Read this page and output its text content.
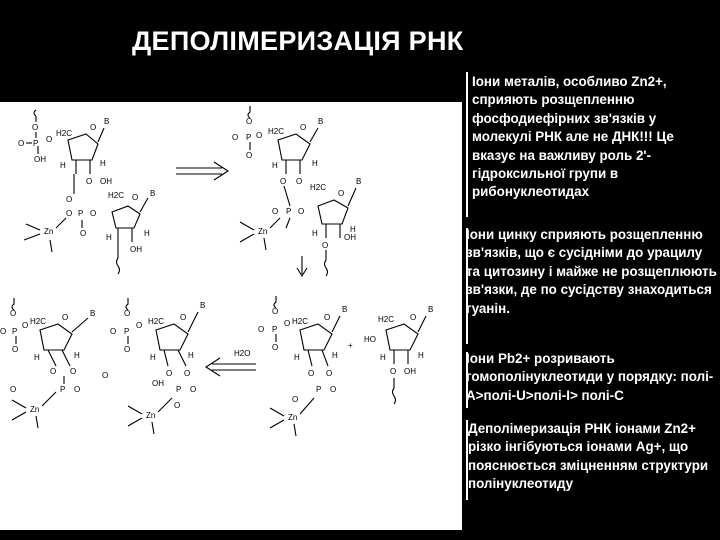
ДЕПОЛІМЕРИЗАЦІЯ РНК
O
P
O	O
OH
H2C
O
B
H	H
O OH
O
O P O
O
H2C O B
H	H
OH
Zn
O
P
O O
O
H2C O
B
H	H
O
O
P
O O
H2C
O
B
H	H
OH
O
Zn
O
P
O
O
O
H2C O	B
H	H
O O
P O
O
Zn
O
O
P
O
O
O
H2C O
B
H	H
O O
P O
O
OH
Zn
H2O
O
P
O
O
O
H2C O
B
H	H
O O
P O
O
Zn
+
HO
H2C O
B
H	H
OH
O
Іони металів, особливо Zn2+, сприяють розщепленню фосфодиефірних зв'язків у молекулі РНК але не ДНК!!! Це вказує на важливу роль 2'-гідроксильної групи в рибонуклеотидах
Іони цинку сприяють розщепленню зв'язків, що є сусідніми до урацилу та цитозину і майже не розщеплюють зв'язки, де по сусідству знаходиться гуанін.
Іони Pb2+ розривають гомополінуклеотиди у порядку: полі-А>полі-U>полі-I> полі-C
Деполімеризація РНК іонами Zn2+ різко інгібуються іонами Ag+, що пояснюється зміцненням структури полінуклеотиду
